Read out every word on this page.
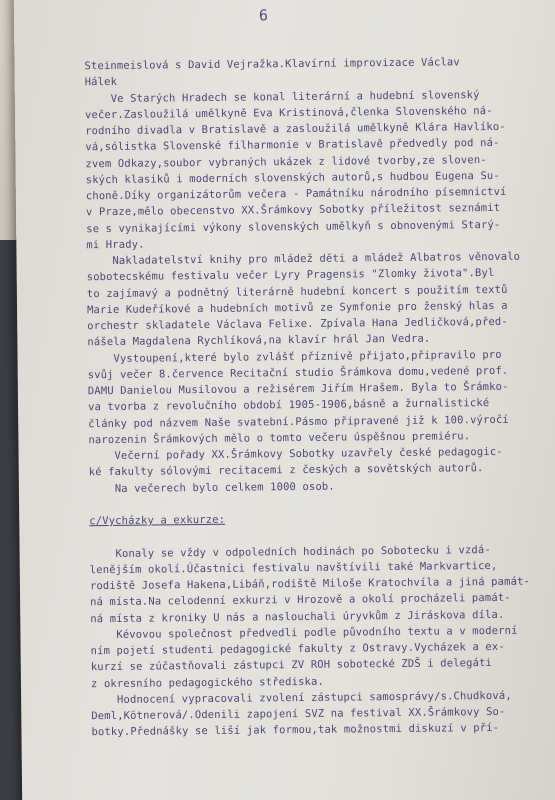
6
Steinmeislová s David Vejražka.Klavírní improvizace Václav
Hálek
Ve Starých Hradech se konal literární a hudební slovenský
večer.Zasloužilá umělkyně Eva Kristinová,členka Slovenského ná-
rodního divadla v Bratislavě a zasloužilá umělkyně Klára Havlíko-
vá,sólistka Slovenské filharmonie v Bratislavě předvedly pod ná-
zvem Odkazy,soubor vybraných ukázek z lidové tvorby,ze sloven-
ských klasiků i moderních slovenských autorů,s hudbou Eugena Su-
choně.Díky organizátorům večera - Památníku národního písemnictví
v Praze,mělo obecenstvo XX.Šrámkovy Sobotky příležitost seznámit
se s vynikajícími výkony slovenských umělkyň s obnovenými Starý-
mi Hrady.
Nakladatelství knihy pro mládež děti a mládež Albatros věnovalo
sobotecskému festivalu večer Lyry Pragensis "Zlomky života".Byl
to zajímavý a podnětný literárně hudební koncert s použitím textů
Marie Kudeříkové a hudebních motivů ze Symfonie pro ženský hlas a
orchestr skladatele Václava Felixe. Zpívala Hana Jedličková,před-
nášela Magdalena Rychlíková,na klavír hrál Jan Vedra.
Vystoupení,které bylo zvlášť příznivě přijato,připravilo pro
svůj večer 8.července Recitační studio Šrámkova domu,vedené prof.
DAMU Danielou Musilovou a režisérem Jiřím Hrašem. Byla to Šrámko-
va tvorba z revolučního období 1905-1906,básně a žurnalistické
články pod názvem Naše svatební.Pásmo připravené již k 100.výročí
narozenin Šrámkových mělo o tomto večeru úspěšnou premiéru.
Večerní pořady XX.Šrámkovy Sobotky uzavřely české pedagogic-
ké fakulty sólovými recitacemi z českých a sovětských autorů.
Na večerech bylo celkem 1000 osob.
c/Vycházky a exkurze:
Konaly se vždy v odpoledních hodinách po Sobotecku i vzdá-
lenějším okolí.Účastníci festivalu navštívili také Markvartice,
rodiště Josefa Hakena,Libáň,rodiště Miloše Kratochvíla a jiná památ-
ná místa.Na celodenní exkurzi v Hrozově a okolí procházeli památ-
ná místa z kroniky U nás a naslouchali úryvkům z Jiráskova díla.
Kévovou společnost předvedli podle původního textu a v moderní
ním pojetí studenti pedagogické fakulty z Ostravy.Vycházek a ex-
kurzí se zúčastňovali zástupci ZV ROH sobotecké ZDŠ i delegáti
z okresního pedagogického střediska.
Hodnocení vypracovali zvolení zástupci samosprávy/s.Chudková,
Deml,Kötnerová/.Odenili zapojení SVZ na festival XX.Šrámkovy So-
botky.Přednášky se liší jak formou,tak možnostmi diskuzí v pří-
